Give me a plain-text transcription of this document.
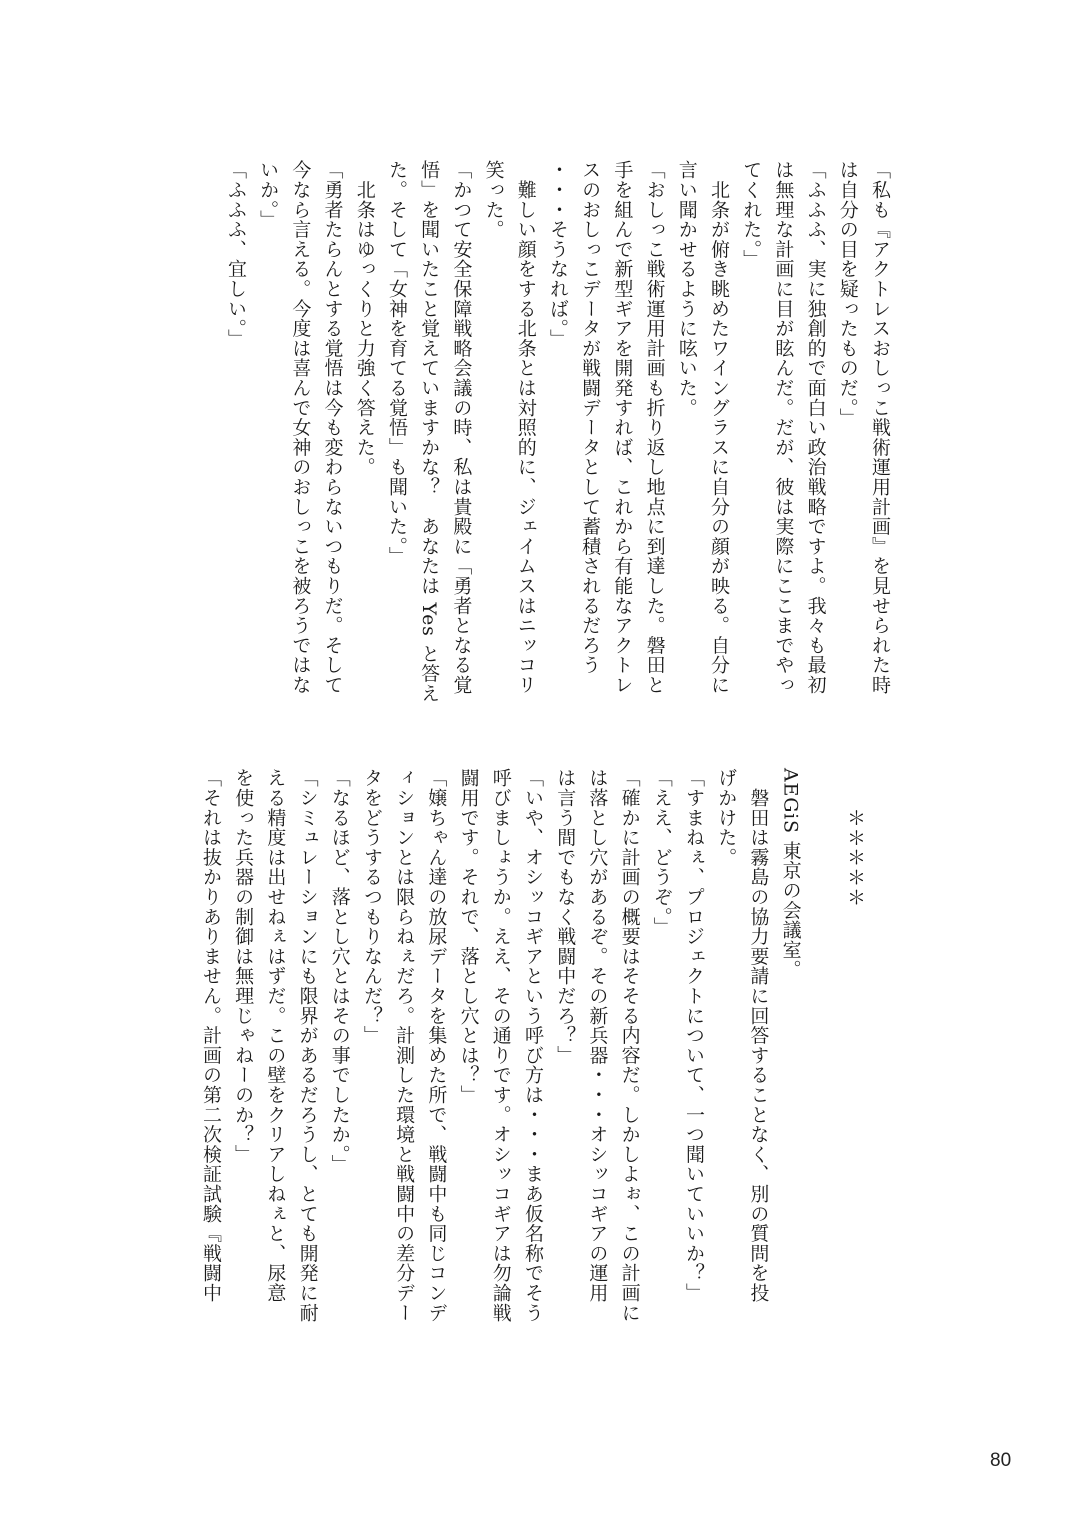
「私も『アクトレスおしっこ戦術運用計画』を見せられた時
は自分の目を疑ったものだ。」
「ふふふ、実に独創的で面白い政治戦略ですよ。我々も最初
は無理な計画に目が眩んだ。だが、彼は実際にここまでやっ
てくれた。」
　北条が俯き眺めたワイングラスに自分の顔が映る。自分に
言い聞かせるように呟いた。
「おしっこ戦術運用計画も折り返し地点に到達した。磐田と
手を組んで新型ギアを開発すれば、これから有能なアクトレ
スのおしっこデータが戦闘データとして蓄積されるだろう
・・・そうなれば。」
　難しい顔をする北条とは対照的に、ジェイムスはニッコリ
笑った。
「かつて安全保障戦略会議の時、私は貴殿に「勇者となる覚
悟」を聞いたこと覚えていますかな？　あなたは Yes と答え
た。そして「女神を育てる覚悟」も聞いた。」
　北条はゆっくりと力強く答えた。
「勇者たらんとする覚悟は今も変わらないつもりだ。そして
今なら言える。今度は喜んで女神のおしっこを被ろうではな
いか。」
「ふふふ、宜しい。」
＊＊＊＊＊
AEGiS 東京の会議室。
　磐田は霧島の協力要請に回答することなく、別の質問を投
げかけた。
「すまねぇ、プロジェクトについて、一つ聞いていいか？」
「ええ、どうぞ。」
「確かに計画の概要はそそる内容だ。しかしよぉ、この計画に
は落とし穴があるぞ。その新兵器・・・オシッコギアの運用
は言う間でもなく戦闘中だろ？」
「いや、オシッコギアという呼び方は・・・まあ仮名称でそう
呼びましょうか。ええ、その通りです。オシッコギアは勿論戦
闘用です。それで、落とし穴とは？」
「嬢ちゃん達の放尿データを集めた所で、戦闘中も同じコンデ
ィションとは限らねぇだろ。計測した環境と戦闘中の差分デー
タをどうするつもりなんだ？」
「なるほど、落とし穴とはその事でしたか。」
「シミュレーションにも限界があるだろうし、とても開発に耐
える精度は出せねぇはずだ。この壁をクリアしねぇと、尿意
を使った兵器の制御は無理じゃねーのか？」
「それは抜かりありません。計画の第二次検証試験『戦闘中
80
